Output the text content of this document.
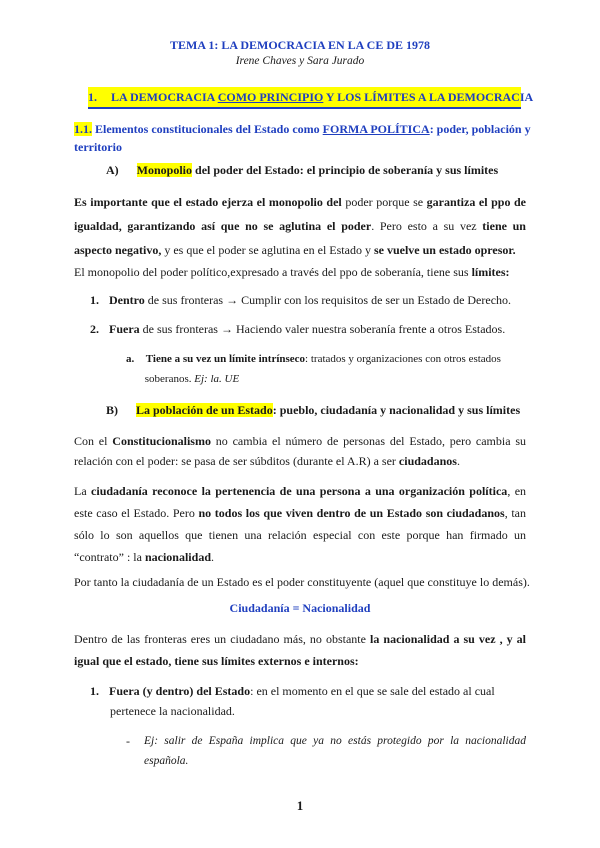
TEMA 1: LA DEMOCRACIA EN LA CE DE 1978
Irene Chaves y Sara Jurado
1. LA DEMOCRACIA COMO PRINCIPIO Y LOS LÍMITES A LA DEMOCRACIA
1.1. Elementos constitucionales del Estado como FORMA POLÍTICA: poder, población y
territorio
A) Monopolio del poder del Estado: el principio de soberanía y sus límites
Es importante que el estado ejerza el monopolio del poder porque se garantiza el ppo de igualdad, garantizando así que no se aglutina el poder. Pero esto a su vez tiene un aspecto negativo, y es que el poder se aglutina en el Estado y se vuelve un estado opresor.
El monopolio del poder político,expresado a través del ppo de soberanía, tiene sus límites:
1. Dentro de sus fronteras → Cumplir con los requisitos de ser un Estado de Derecho.
2. Fuera de sus fronteras → Haciendo valer nuestra soberanía frente a otros Estados.
a. Tiene a su vez un límite intrínseco: tratados y organizaciones con otros estados
soberanos. Ej: la. UE
B) La población de un Estado: pueblo, ciudadanía y nacionalidad y sus límites
Con el Constitucionalismo no cambia el número de personas del Estado, pero cambia su relación con el poder: se pasa de ser súbditos (durante el A.R) a ser ciudadanos.
La ciudadanía reconoce la pertenencia de una persona a una organización política, en este caso el Estado. Pero no todos los que viven dentro de un Estado son ciudadanos, tan sólo lo son aquellos que tienen una relación especial con este porque han firmado un “contrato” : la nacionalidad.
Por tanto la ciudadanía de un Estado es el poder constituyente (aquel que constituye lo demás).
Ciudadanía = Nacionalidad
Dentro de las fronteras eres un ciudadano más, no obstante la nacionalidad a su vez , y al igual que el estado, tiene sus límites externos e internos:
1. Fuera (y dentro) del Estado: en el momento en el que se sale del estado al cual
pertenece la nacionalidad.
- Ej: salir de España implica que ya no estás protegido por la nacionalidad española.
1
